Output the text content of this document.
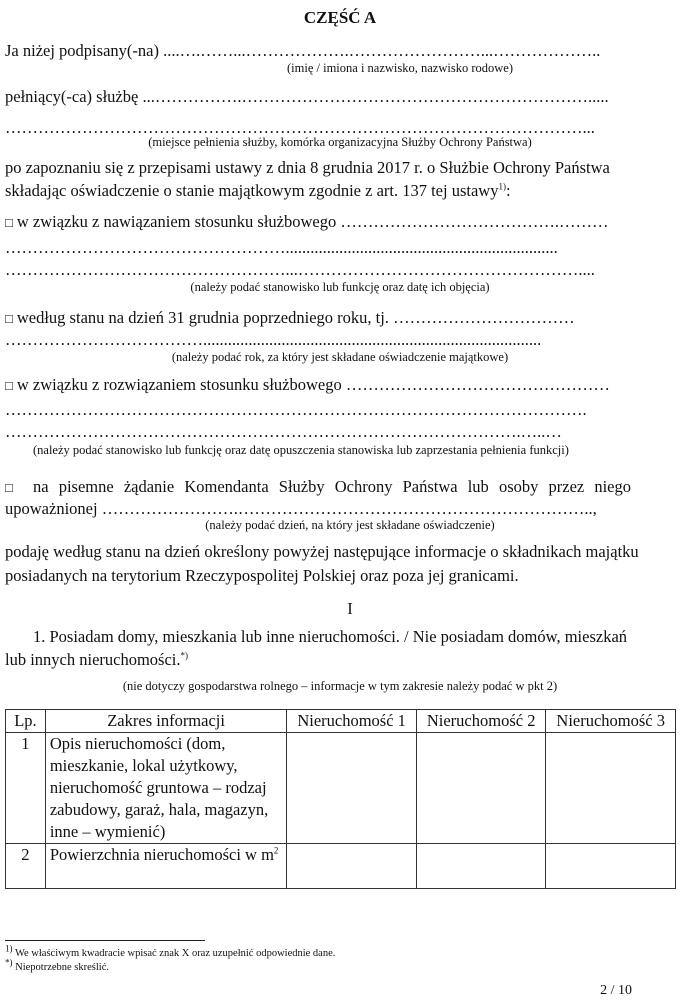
CZĘŚĆ A
Ja niżej podpisany(-na) ....….……...……………….……………………...………………..
(imię / imiona i nazwisko, nazwisko rodowe)
pełniący(-ca) służbę ...…………….……………………………………………………….....
……………………………………………………………………………………………...
(miejsce pełnienia służby, komórka organizacyjna Służby Ochrony Państwa)
po zapoznaniu się z przepisami ustawy z dnia 8 grudnia 2017 r. o Służbie Ochrony Państwa
składając oświadczenie o stanie majątkowym zgodnie z art. 137 tej ustawy$^{1)}$:
□ w związku z nawiązaniem stosunku służbowego ………………………………….………
……………………………………………..................................................................
……………………………………………...……………………………………………....
(należy podać stanowisko lub funkcję oraz datę ich objęcia)
□ według stanu na dzień 31 grudnia poprzedniego roku, tj. ……………………………
………………………………..................................................................................
(należy podać rok, za który jest składane oświadczenie majątkowe)
□ w związku z rozwiązaniem stosunku służbowego …………………………………………
…………………………………………………………………………………………….
………………………………………………………………………………….…..…
(należy podać stanowisko lub funkcję oraz datę opuszczenia stanowiska lub zaprzestania pełnienia funkcji)
□ na pisemne żądanie Komendanta Służby Ochrony Państwa lub osoby przez niego
upoważnionej …………………….………………………………………………………..,
(należy podać dzień, na który jest składane oświadczenie)
podaję według stanu na dzień określony powyżej następujące informacje o składnikach majątku
posiadanych na terytorium Rzeczypospolitej Polskiej oraz poza jej granicami.
I
1. Posiadam domy, mieszkania lub inne nieruchomości. / Nie posiadam domów, mieszkań
lub innych nieruchomości.*)
(nie dotyczy gospodarstwa rolnego – informacje w tym zakresie należy podać w pkt 2)
Lp.	Zakres informacji	Nieruchomość 1	Nieruchomość 2	Nieruchomość 3
1	Opis nieruchomości (dom, mieszkanie, lokal użytkowy, nieruchomość gruntowa – rodzaj zabudowy, garaż, hala, magazyn, inne – wymienić)			
2	Powierzchnia nieruchomości w $m^2$			
$^{1)}$ We właściwym kwadracie wpisać znak X oraz uzupełnić odpowiednie dane.
*) Niepotrzebne skreślić.
2 / 10
